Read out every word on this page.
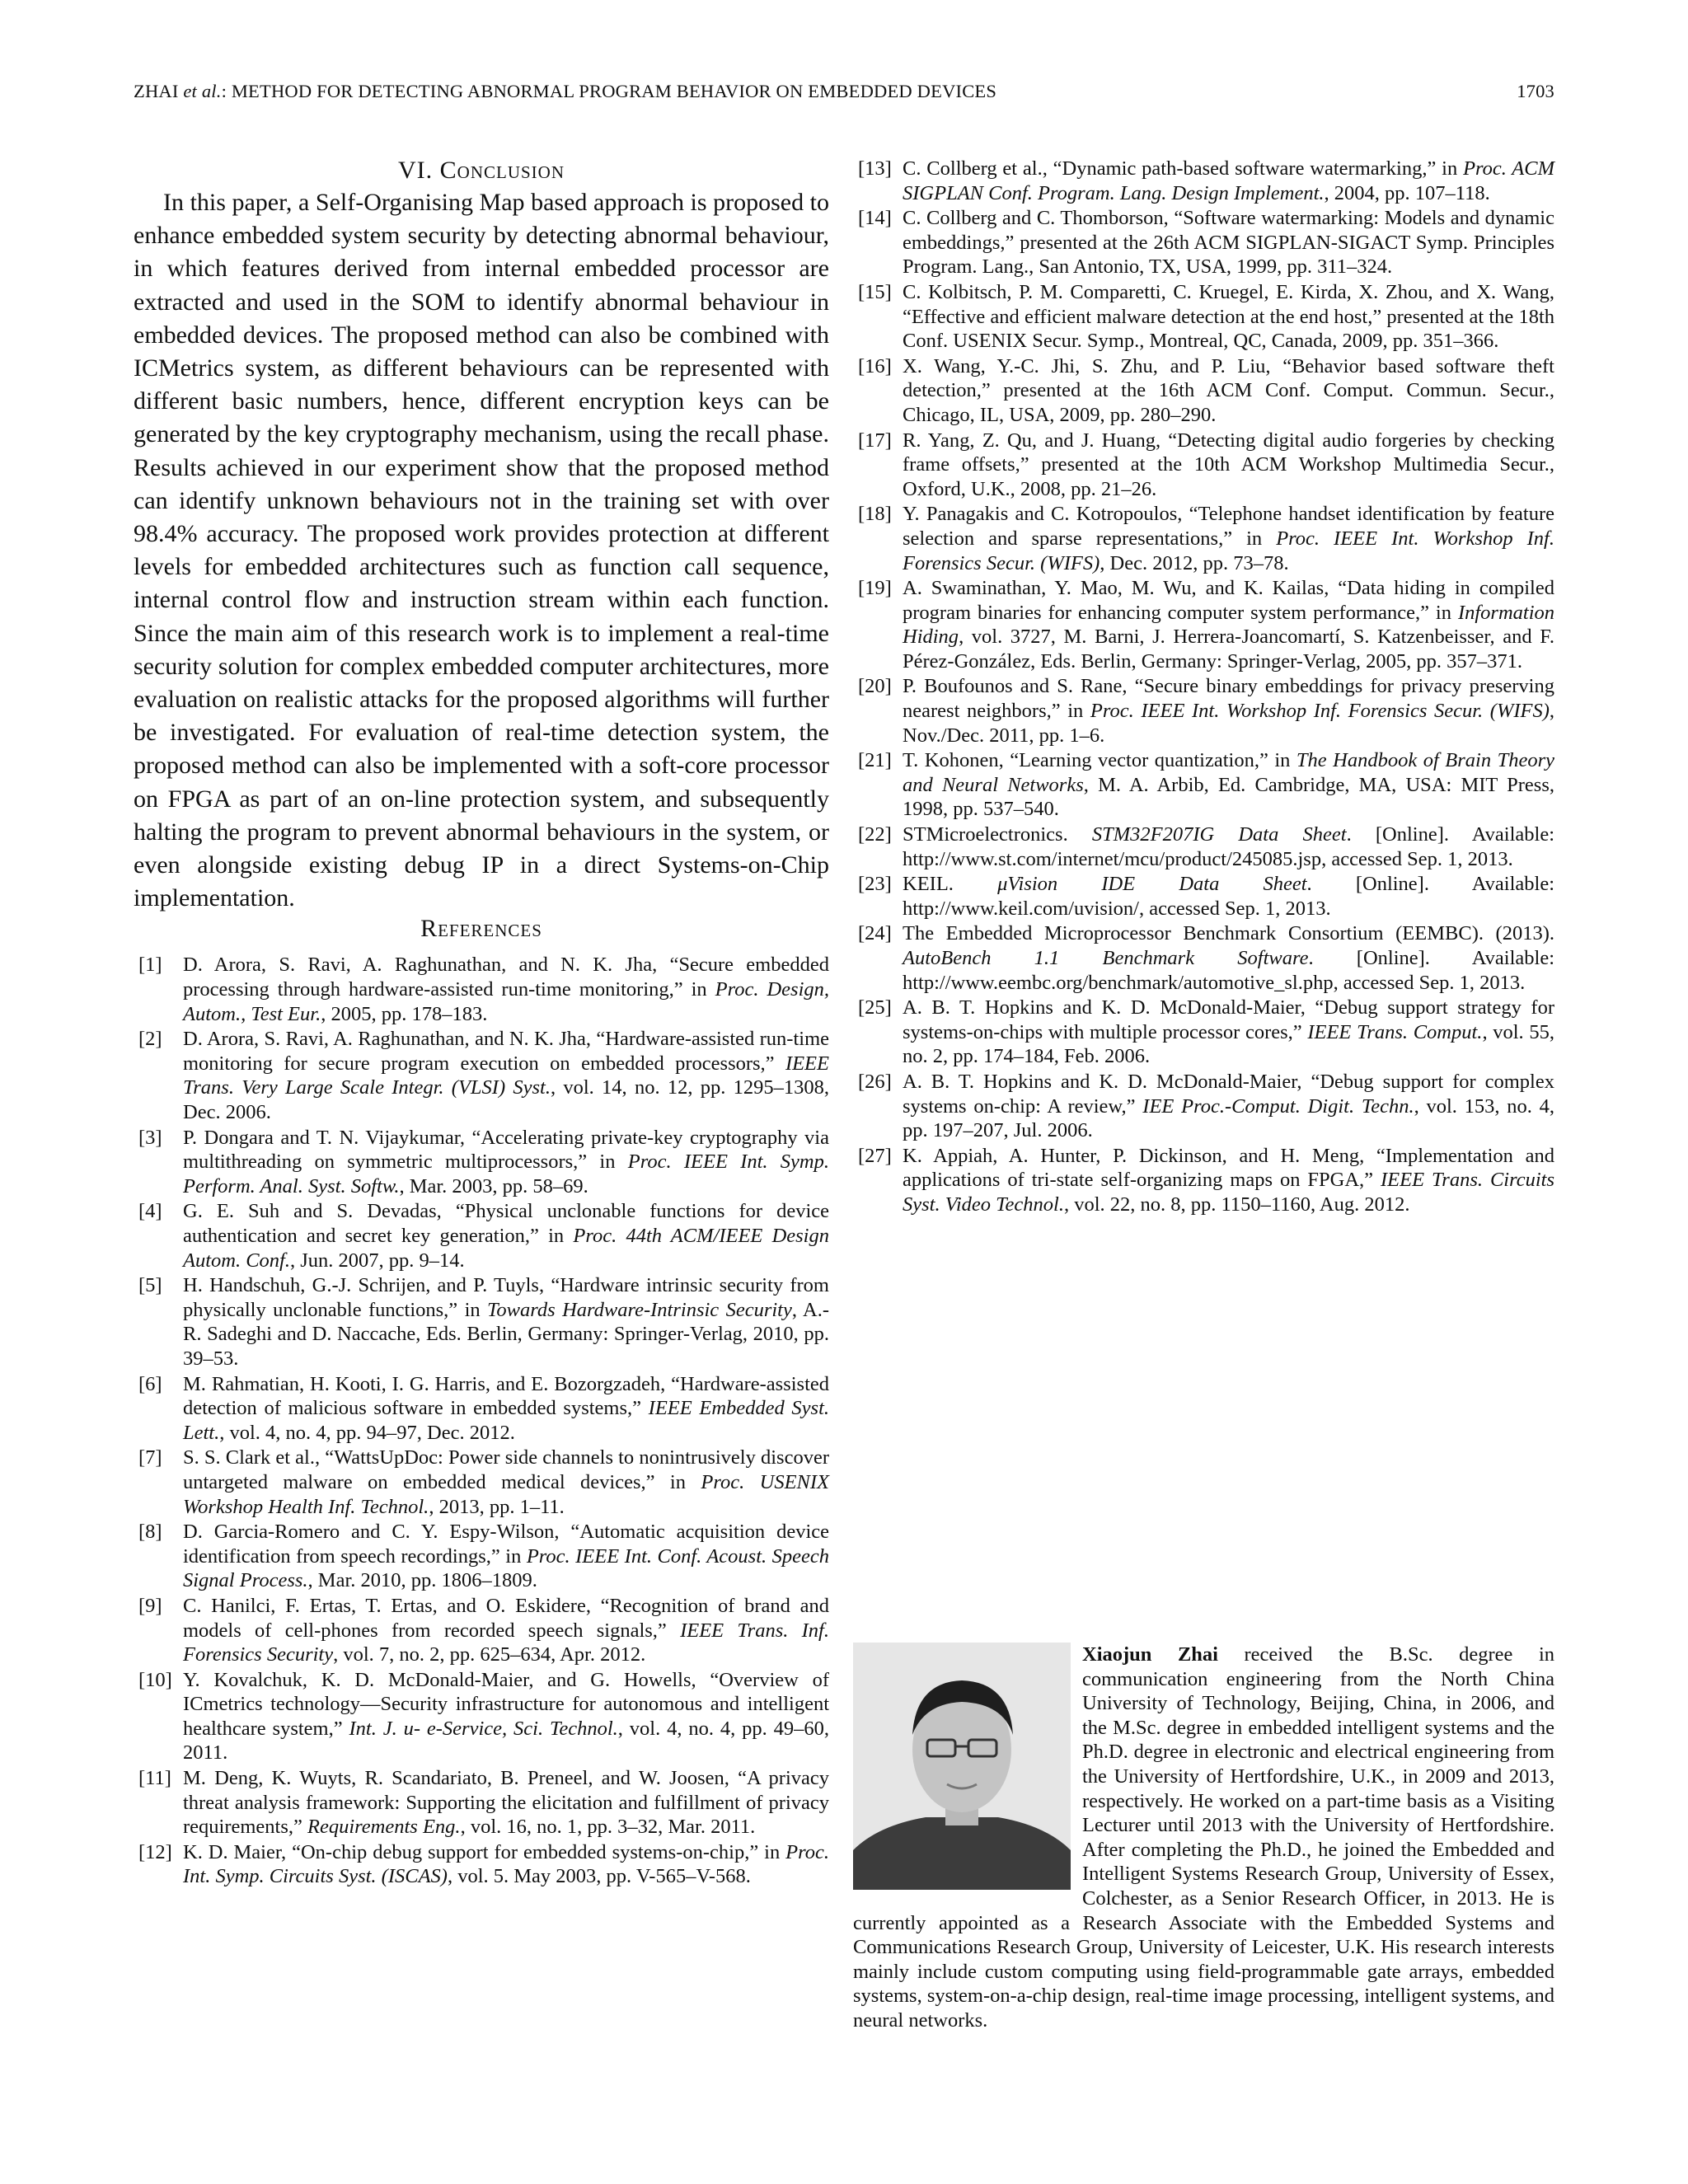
ZHAI et al.: METHOD FOR DETECTING ABNORMAL PROGRAM BEHAVIOR ON EMBEDDED DEVICES	1703
VI. Conclusion

In this paper, a Self-Organising Map based approach is proposed to enhance embedded system security by detecting abnormal behaviour, in which features derived from internal embedded processor are extracted and used in the SOM to identify abnormal behaviour in embedded devices. The proposed method can also be combined with ICMetrics system, as different behaviours can be represented with different basic numbers, hence, different encryption keys can be generated by the key cryptography mechanism, using the recall phase. Results achieved in our experiment show that the proposed method can identify unknown behaviours not in the training set with over 98.4% accuracy. The proposed work provides protection at different levels for embedded architectures such as function call sequence, internal control flow and instruction stream within each function. Since the main aim of this research work is to implement a real-time security solution for complex embedded computer architectures, more evaluation on realistic attacks for the proposed algorithms will further be investigated. For evaluation of real-time detection system, the proposed method can also be implemented with a soft-core processor on FPGA as part of an on-line protection system, and subsequently halting the program to prevent abnormal behaviours in the system, or even alongside existing debug IP in a direct Systems-on-Chip implementation.

References
[1] D. Arora, S. Ravi, A. Raghunathan, and N. K. Jha, “Secure embedded processing through hardware-assisted run-time monitoring,” in Proc. Design, Autom., Test Eur., 2005, pp. 178–183.
[2] D. Arora, S. Ravi, A. Raghunathan, and N. K. Jha, “Hardware-assisted run-time monitoring for secure program execution on embedded processors,” IEEE Trans. Very Large Scale Integr. (VLSI) Syst., vol. 14, no. 12, pp. 1295–1308, Dec. 2006.
[3] P. Dongara and T. N. Vijaykumar, “Accelerating private-key cryptography via multithreading on symmetric multiprocessors,” in Proc. IEEE Int. Symp. Perform. Anal. Syst. Softw., Mar. 2003, pp. 58–69.
[4] G. E. Suh and S. Devadas, “Physical unclonable functions for device authentication and secret key generation,” in Proc. 44th ACM/IEEE Design Autom. Conf., Jun. 2007, pp. 9–14.
[5] H. Handschuh, G.-J. Schrijen, and P. Tuyls, “Hardware intrinsic security from physically unclonable functions,” in Towards Hardware-Intrinsic Security, A.-R. Sadeghi and D. Naccache, Eds. Berlin, Germany: Springer-Verlag, 2010, pp. 39–53.
[6] M. Rahmatian, H. Kooti, I. G. Harris, and E. Bozorgzadeh, “Hardware-assisted detection of malicious software in embedded systems,” IEEE Embedded Syst. Lett., vol. 4, no. 4, pp. 94–97, Dec. 2012.
[7] S. S. Clark et al., “WattsUpDoc: Power side channels to nonintrusively discover untargeted malware on embedded medical devices,” in Proc. USENIX Workshop Health Inf. Technol., 2013, pp. 1–11.
[8] D. Garcia-Romero and C. Y. Espy-Wilson, “Automatic acquisition device identification from speech recordings,” in Proc. IEEE Int. Conf. Acoust. Speech Signal Process., Mar. 2010, pp. 1806–1809.
[9] C. Hanilci, F. Ertas, T. Ertas, and O. Eskidere, “Recognition of brand and models of cell-phones from recorded speech signals,” IEEE Trans. Inf. Forensics Security, vol. 7, no. 2, pp. 625–634, Apr. 2012.
[10] Y. Kovalchuk, K. D. McDonald-Maier, and G. Howells, “Overview of ICmetrics technology—Security infrastructure for autonomous and intelligent healthcare system,” Int. J. u- e-Service, Sci. Technol., vol. 4, no. 4, pp. 49–60, 2011.
[11] M. Deng, K. Wuyts, R. Scandariato, B. Preneel, and W. Joosen, “A privacy threat analysis framework: Supporting the elicitation and fulfillment of privacy requirements,” Requirements Eng., vol. 16, no. 1, pp. 3–32, Mar. 2011.
[12] K. D. Maier, “On-chip debug support for embedded systems-on-chip,” in Proc. Int. Symp. Circuits Syst. (ISCAS), vol. 5. May 2003, pp. V-565–V-568.
[13] C. Collberg et al., “Dynamic path-based software watermarking,” in Proc. ACM SIGPLAN Conf. Program. Lang. Design Implement., 2004, pp. 107–118.
[14] C. Collberg and C. Thomborson, “Software watermarking: Models and dynamic embeddings,” presented at the 26th ACM SIGPLAN-SIGACT Symp. Principles Program. Lang., San Antonio, TX, USA, 1999, pp. 311–324.
[15] C. Kolbitsch, P. M. Comparetti, C. Kruegel, E. Kirda, X. Zhou, and X. Wang, “Effective and efficient malware detection at the end host,” presented at the 18th Conf. USENIX Secur. Symp., Montreal, QC, Canada, 2009, pp. 351–366.
[16] X. Wang, Y.-C. Jhi, S. Zhu, and P. Liu, “Behavior based software theft detection,” presented at the 16th ACM Conf. Comput. Commun. Secur., Chicago, IL, USA, 2009, pp. 280–290.
[17] R. Yang, Z. Qu, and J. Huang, “Detecting digital audio forgeries by checking frame offsets,” presented at the 10th ACM Workshop Multimedia Secur., Oxford, U.K., 2008, pp. 21–26.
[18] Y. Panagakis and C. Kotropoulos, “Telephone handset identification by feature selection and sparse representations,” in Proc. IEEE Int. Workshop Inf. Forensics Secur. (WIFS), Dec. 2012, pp. 73–78.
[19] A. Swaminathan, Y. Mao, M. Wu, and K. Kailas, “Data hiding in compiled program binaries for enhancing computer system performance,” in Information Hiding, vol. 3727, M. Barni, J. Herrera-Joancomartí, S. Katzenbeisser, and F. Pérez-González, Eds. Berlin, Germany: Springer-Verlag, 2005, pp. 357–371.
[20] P. Boufounos and S. Rane, “Secure binary embeddings for privacy preserving nearest neighbors,” in Proc. IEEE Int. Workshop Inf. Forensics Secur. (WIFS), Nov./Dec. 2011, pp. 1–6.
[21] T. Kohonen, “Learning vector quantization,” in The Handbook of Brain Theory and Neural Networks, M. A. Arbib, Ed. Cambridge, MA, USA: MIT Press, 1998, pp. 537–540.
[22] STMicroelectronics. STM32F207IG Data Sheet. [Online]. Available: http://www.st.com/internet/mcu/product/245085.jsp, accessed Sep. 1, 2013.
[23] KEIL. μVision IDE Data Sheet. [Online]. Available: http://www.keil.com/uvision/, accessed Sep. 1, 2013.
[24] The Embedded Microprocessor Benchmark Consortium (EEMBC). (2013). AutoBench 1.1 Benchmark Software. [Online]. Available: http://www.eembc.org/benchmark/automotive_sl.php, accessed Sep. 1, 2013.
[25] A. B. T. Hopkins and K. D. McDonald-Maier, “Debug support strategy for systems-on-chips with multiple processor cores,” IEEE Trans. Comput., vol. 55, no. 2, pp. 174–184, Feb. 2006.
[26] A. B. T. Hopkins and K. D. McDonald-Maier, “Debug support for complex systems on-chip: A review,” IEE Proc.-Comput. Digit. Techn., vol. 153, no. 4, pp. 197–207, Jul. 2006.
[27] K. Appiah, A. Hunter, P. Dickinson, and H. Meng, “Implementation and applications of tri-state self-organizing maps on FPGA,” IEEE Trans. Circuits Syst. Video Technol., vol. 22, no. 8, pp. 1150–1160, Aug. 2012.
Xiaojun Zhai received the B.Sc. degree in communication engineering from the North China University of Technology, Beijing, China, in 2006, and the M.Sc. degree in embedded intelligent systems and the Ph.D. degree in electronic and electrical engineering from the University of Hertfordshire, U.K., in 2009 and 2013, respectively. He worked on a part-time basis as a Visiting Lecturer until 2013 with the University of Hertfordshire. After completing the Ph.D., he joined the Embedded and Intelligent Systems Research Group, University of Essex, Colchester, as a Senior Research Officer, in 2013. He is currently appointed as a Research Associate with the Embedded Systems and Communications Research Group, University of Leicester, U.K. His research interests mainly include custom computing using field-programmable gate arrays, embedded systems, system-on-a-chip design, real-time image processing, intelligent systems, and neural networks.
